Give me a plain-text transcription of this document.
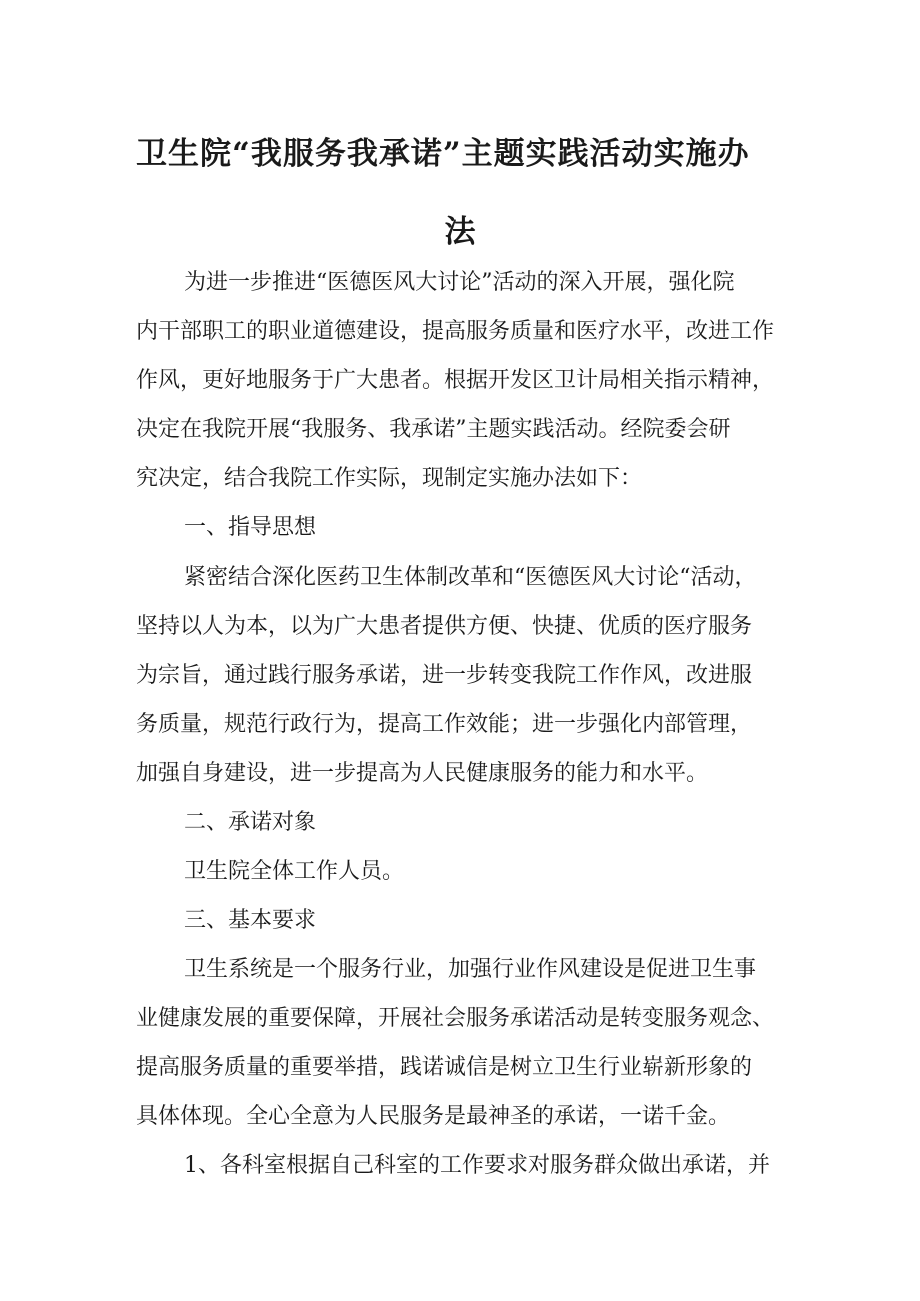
卫生院“我服务我承诺”主题实践活动实施办
法

为进一步推进“医德医风大讨论”活动的深入开展，强化院

内干部职工的职业道德建设，提高服务质量和医疗水平，改进工作

作风，更好地服务于广大患者。根据开发区卫计局相关指示精神，

决定在我院开展“我服务、我承诺”主题实践活动。经院委会研

究决定，结合我院工作实际，现制定实施办法如下：

一、指导思想

紧密结合深化医药卫生体制改革和“医德医风大讨论“活动，

坚持以人为本，以为广大患者提供方便、快捷、优质的医疗服务

为宗旨，通过践行服务承诺，进一步转变我院工作作风，改进服

务质量，规范行政行为，提高工作效能；进一步强化内部管理，

加强自身建设，进一步提高为人民健康服务的能力和水平。

二、承诺对象

卫生院全体工作人员。

三、基本要求

卫生系统是一个服务行业，加强行业作风建设是促进卫生事

业健康发展的重要保障，开展社会服务承诺活动是转变服务观念、

提高服务质量的重要举措，践诺诚信是树立卫生行业崭新形象的

具体体现。全心全意为人民服务是最神圣的承诺，一诺千金。

1、各科室根据自己科室的工作要求对服务群众做出承诺，并
